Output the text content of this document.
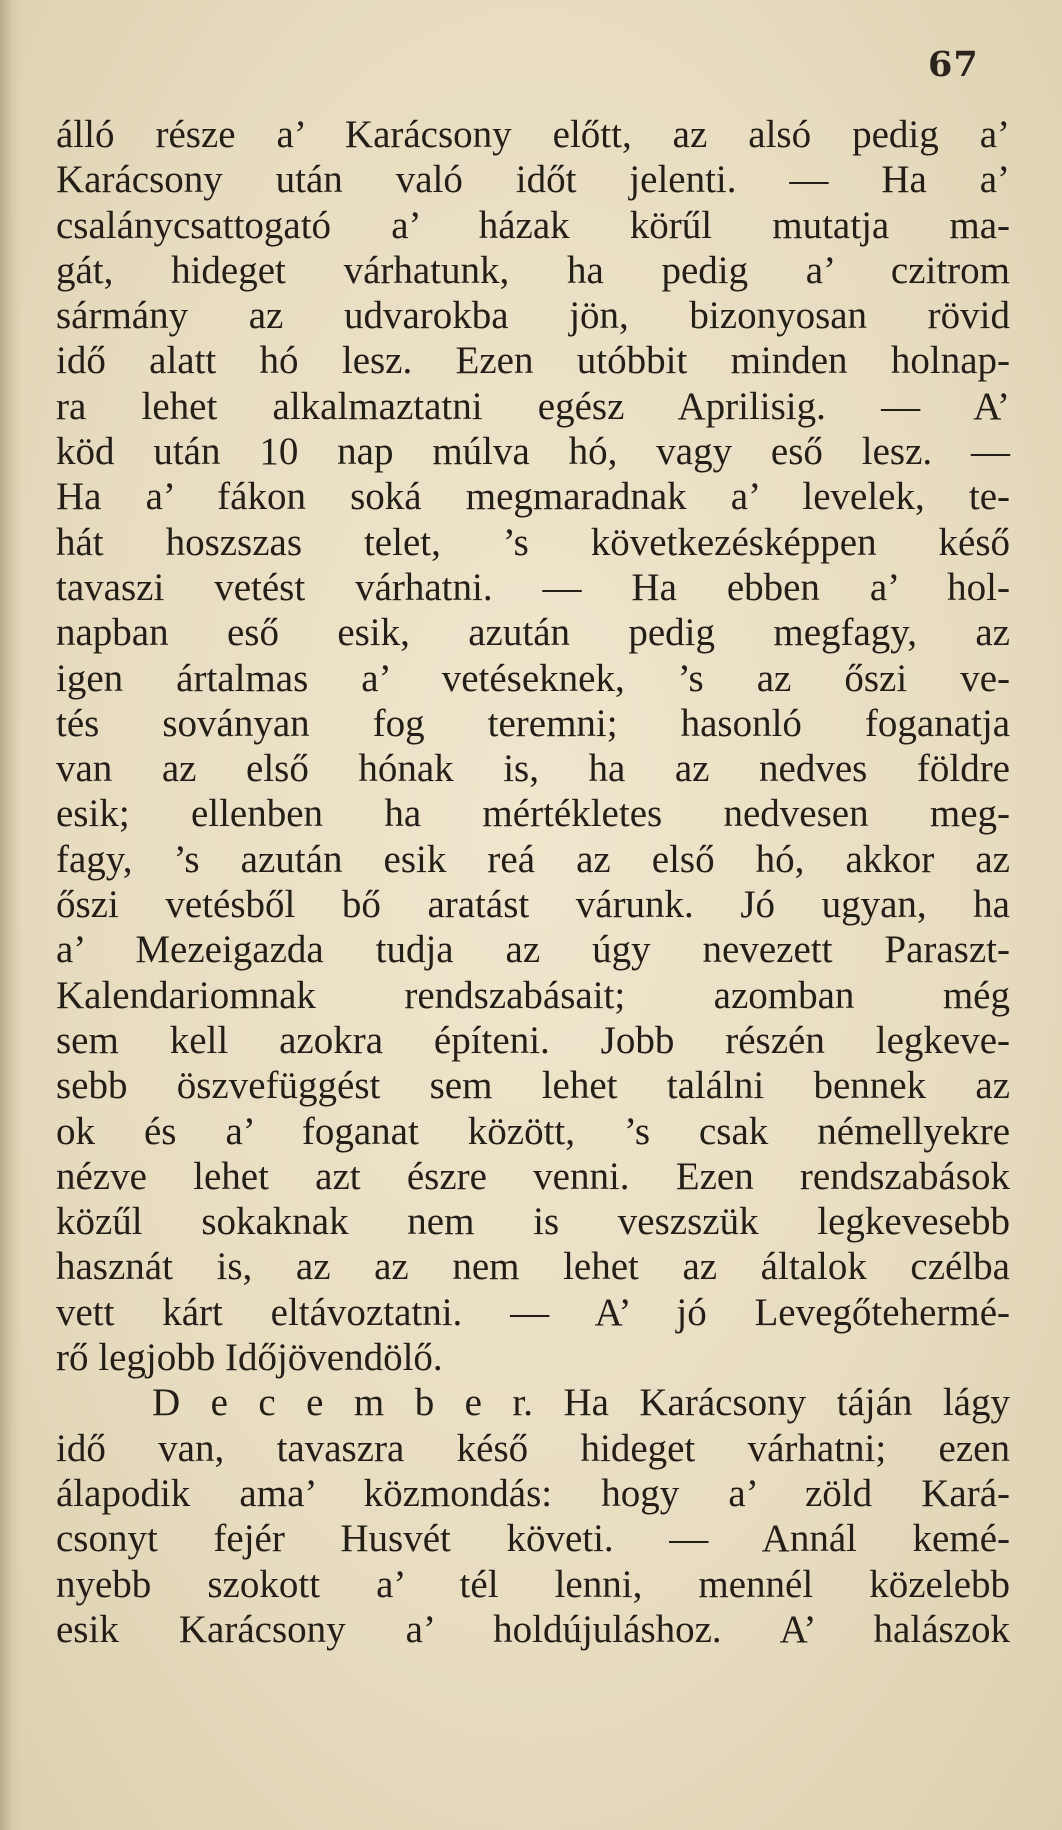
67
álló része a’ Karácsony előtt, az alsó pedig a’
Karácsony után való időt jelenti. — Ha a’
csalánycsattogató a’ házak körűl mutatja ma-
gát, hideget várhatunk, ha pedig a’ czitrom
sármány az udvarokba jön, bizonyosan rövid
idő alatt hó lesz. Ezen utóbbit minden holnap-
ra lehet alkalmaztatni egész Aprilisig. — A’
köd után 10 nap múlva hó, vagy eső lesz. —
Ha a’ fákon soká megmaradnak a’ levelek, te-
hát hoszszas telet, ’s következésképpen késő
tavaszi vetést várhatni. — Ha ebben a’ hol-
napban eső esik, azután pedig megfagy, az
igen ártalmas a’ vetéseknek, ’s az őszi ve-
tés soványan fog teremni; hasonló foganatja
van az első hónak is, ha az nedves földre
esik; ellenben ha mértékletes nedvesen meg-
fagy, ’s azután esik reá az első hó, akkor az
őszi vetésből bő aratást várunk. Jó ugyan, ha
a’ Mezeigazda tudja az úgy nevezett Paraszt-
Kalendariomnak rendszabásait; azomban még
sem kell azokra építeni. Jobb részén legkeve-
sebb öszvefüggést sem lehet találni bennek az
ok és a’ foganat között, ’s csak némellyekre
nézve lehet azt észre venni. Ezen rendszabások
közűl sokaknak nem is veszszük legkevesebb
hasznát is, az az nem lehet az általok czélba
vett kárt eltávoztatni. — A’ jó Levegőtehermé-
rő legjobb Időjövendölő.
D e c e m b e r. Ha Karácsony táján lágy
idő van, tavaszra késő hideget várhatni; ezen
álapodik ama’ közmondás: hogy a’ zöld Kará-
csonyt fejér Husvét követi. — Annál kemé-
nyebb szokott a’ tél lenni, mennél közelebb
esik Karácsony a’ holdújuláshoz. A’ halászok
